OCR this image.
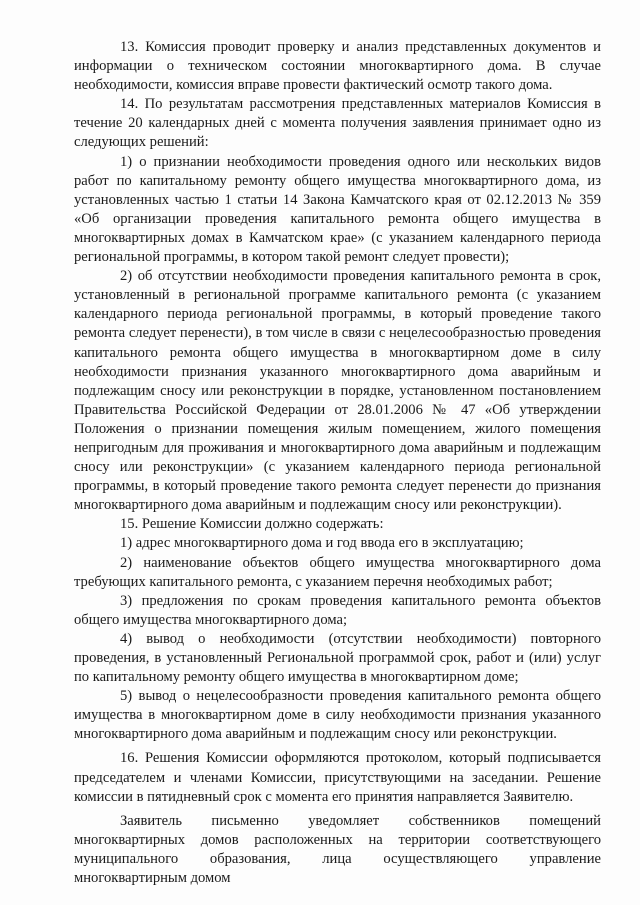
13. Комиссия проводит проверку и анализ представленных документов и информации о техническом состоянии многоквартирного дома. В случае необходимости, комиссия вправе провести фактический осмотр такого дома.

14. По результатам рассмотрения представленных материалов Комиссия в течение 20 календарных дней с момента получения заявления принимает одно из следующих решений:

1) о признании необходимости проведения одного или нескольких видов работ по капитальному ремонту общего имущества многоквартирного дома, из установленных частью 1 статьи 14 Закона Камчатского края от 02.12.2013 № 359 «Об организации проведения капитального ремонта общего имущества в многоквартирных домах в Камчатском крае» (с указанием календарного периода региональной программы, в котором такой ремонт следует провести);

2) об отсутствии необходимости проведения капитального ремонта в срок, установленный в региональной программе капитального ремонта (с указанием календарного периода региональной программы, в который проведение такого ремонта следует перенести), в том числе в связи с нецелесообразностью проведения капитального ремонта общего имущества в многоквартирном доме в силу необходимости признания указанного многоквартирного дома аварийным и подлежащим сносу или реконструкции в порядке, установленном постановлением Правительства Российской Федерации от 28.01.2006 № 47 «Об утверждении Положения о признании помещения жилым помещением, жилого помещения непригодным для проживания и многоквартирного дома аварийным и подлежащим сносу или реконструкции» (с указанием календарного периода региональной программы, в который проведение такого ремонта следует перенести до признания многоквартирного дома аварийным и подлежащим сносу или реконструкции).

15. Решение Комиссии должно содержать:

1) адрес многоквартирного дома и год ввода его в эксплуатацию;

2) наименование объектов общего имущества многоквартирного дома требующих капитального ремонта, с указанием перечня необходимых работ;

3) предложения по срокам проведения капитального ремонта объектов общего имущества многоквартирного дома;

4) вывод о необходимости (отсутствии необходимости) повторного проведения, в установленный Региональной программой срок, работ и (или) услуг по капитальному ремонту общего имущества в многоквартирном доме;

5) вывод о нецелесообразности проведения капитального ремонта общего имущества в многоквартирном доме в силу необходимости признания указанного многоквартирного дома аварийным и подлежащим сносу или реконструкции.

16. Решения Комиссии оформляются протоколом, который подписывается председателем и членами Комиссии, присутствующими на заседании. Решение комиссии в пятидневный срок с момента его принятия направляется Заявителю.

Заявитель письменно уведомляет собственников помещений многоквартирных домов расположенных на территории соответствующего муниципального образования, лица осуществляющего управление многоквартирным домом
